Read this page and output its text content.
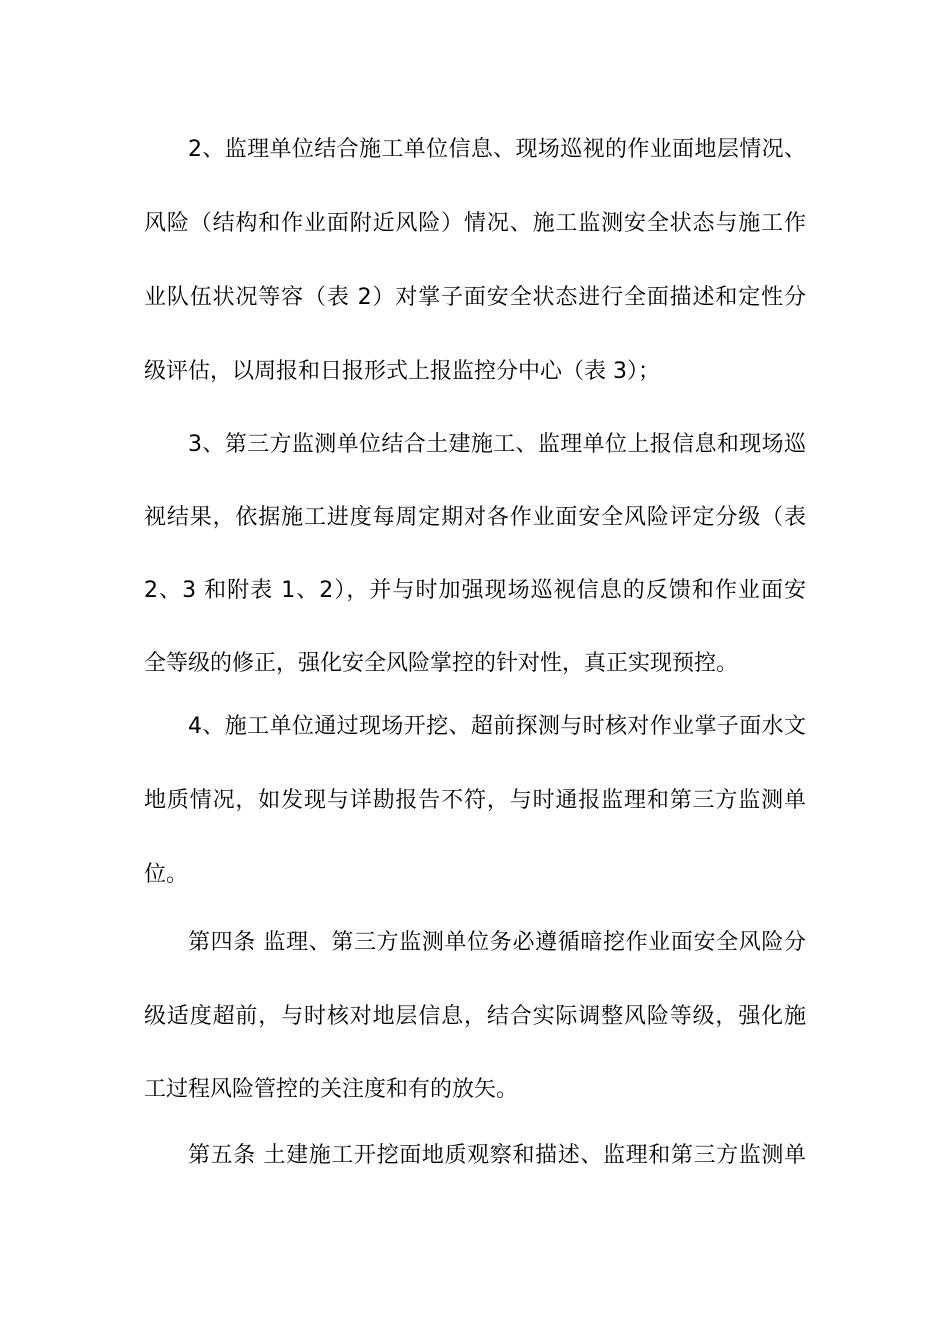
2、监理单位结合施工单位信息、现场巡视的作业面地层情况、
风险（结构和作业面附近风险）情况、施工监测安全状态与施工作
业队伍状况等容（表 2）对掌子面安全状态进行全面描述和定性分
级评估，以周报和日报形式上报监控分中心（表 3）；
3、第三方监测单位结合土建施工、监理单位上报信息和现场巡
视结果，依据施工进度每周定期对各作业面安全风险评定分级（表
2、3 和附表 1、2），并与时加强现场巡视信息的反馈和作业面安
全等级的修正，强化安全风险掌控的针对性，真正实现预控。
4、施工单位通过现场开挖、超前探测与时核对作业掌子面水文
地质情况，如发现与详勘报告不符，与时通报监理和第三方监测单
位。
第四条 监理、第三方监测单位务必遵循暗挖作业面安全风险分
级适度超前，与时核对地层信息，结合实际调整风险等级，强化施
工过程风险管控的关注度和有的放矢。
第五条 土建施工开挖面地质观察和描述、监理和第三方监测单
